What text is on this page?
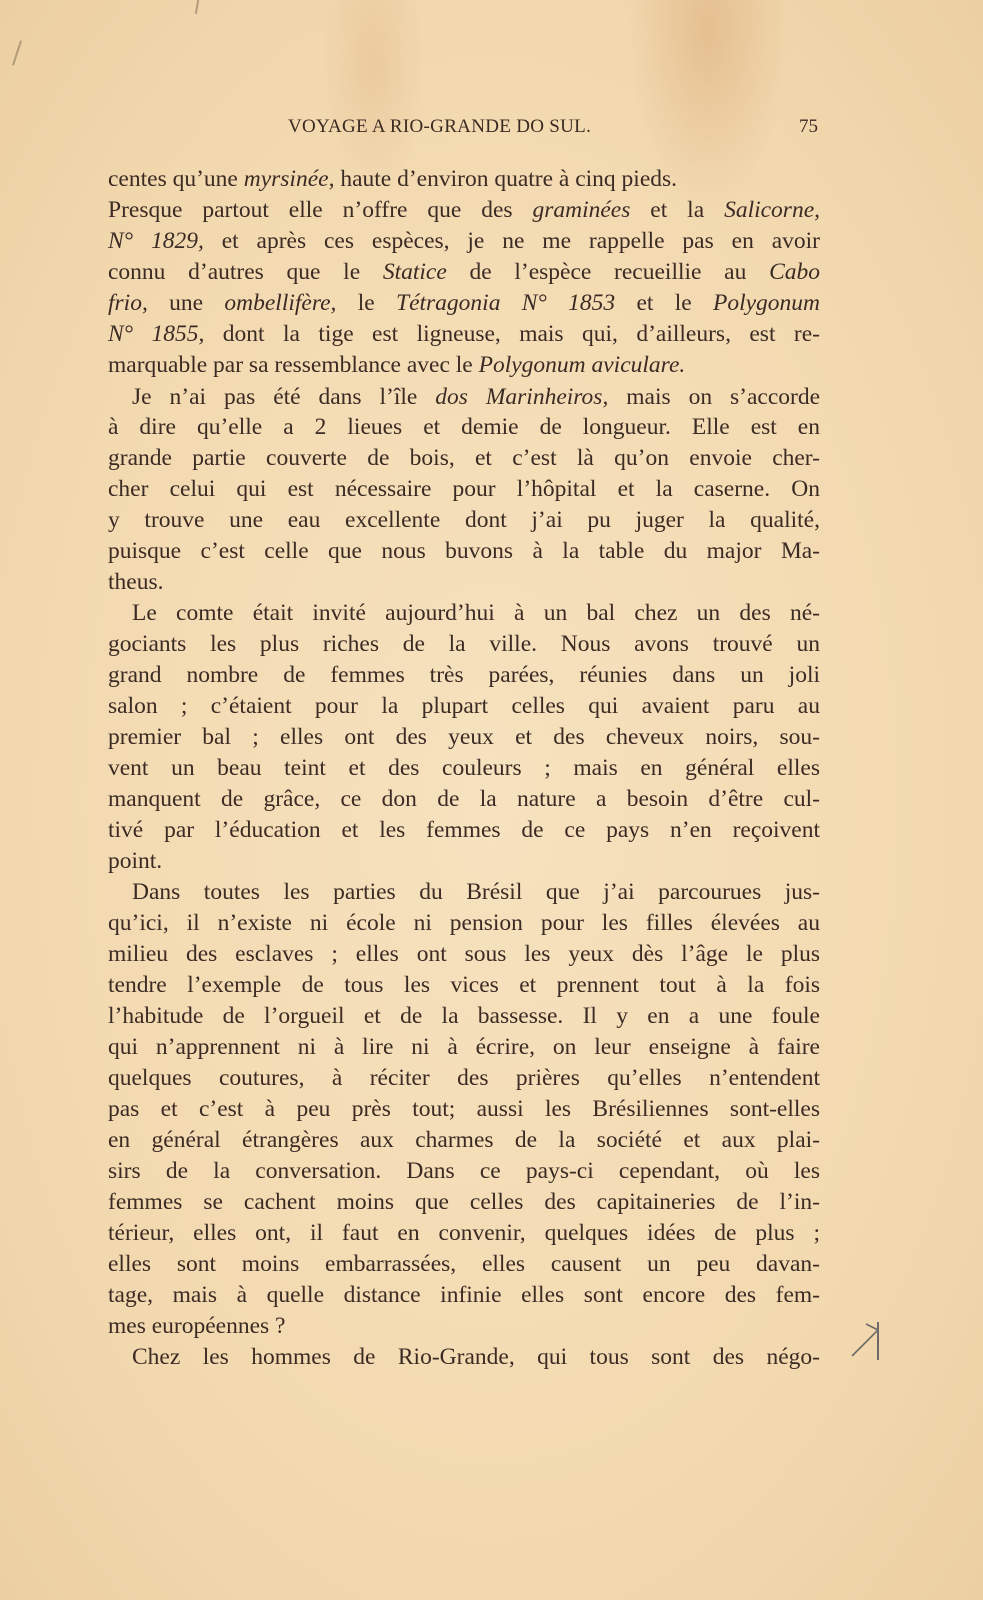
VOYAGE A RIO-GRANDE DO SUL.	75
centes qu’une myrsinée, haute d’environ quatre à cinq pieds.
Presque partout elle n’offre que des graminées et la Salicorne,
N° 1829, et après ces espèces, je ne me rappelle pas en avoir
connu d’autres que le Statice de l’espèce recueillie au Cabo
frio, une ombellifère, le Tétragonia N° 1853 et le Polygonum
N° 1855, dont la tige est ligneuse, mais qui, d’ailleurs, est re-
marquable par sa ressemblance avec le Polygonum aviculare.
Je n’ai pas été dans l’île dos Marinheiros, mais on s’accorde
à dire qu’elle a 2 lieues et demie de longueur. Elle est en
grande partie couverte de bois, et c’est là qu’on envoie cher-
cher celui qui est nécessaire pour l’hôpital et la caserne. On
y trouve une eau excellente dont j’ai pu juger la qualité,
puisque c’est celle que nous buvons à la table du major Ma-
theus.
Le comte était invité aujourd’hui à un bal chez un des né-
gociants les plus riches de la ville. Nous avons trouvé un
grand nombre de femmes très parées, réunies dans un joli
salon ; c’étaient pour la plupart celles qui avaient paru au
premier bal ; elles ont des yeux et des cheveux noirs, sou-
vent un beau teint et des couleurs ; mais en général elles
manquent de grâce, ce don de la nature a besoin d’être cul-
tivé par l’éducation et les femmes de ce pays n’en reçoivent
point.
Dans toutes les parties du Brésil que j’ai parcourues jus-
qu’ici, il n’existe ni école ni pension pour les filles élevées au
milieu des esclaves ; elles ont sous les yeux dès l’âge le plus
tendre l’exemple de tous les vices et prennent tout à la fois
l’habitude de l’orgueil et de la bassesse. Il y en a une foule
qui n’apprennent ni à lire ni à écrire, on leur enseigne à faire
quelques coutures, à réciter des prières qu’elles n’entendent
pas et c’est à peu près tout; aussi les Brésiliennes sont-elles
en général étrangères aux charmes de la société et aux plai-
sirs de la conversation. Dans ce pays-ci cependant, où les
femmes se cachent moins que celles des capitaineries de l’in-
térieur, elles ont, il faut en convenir, quelques idées de plus ;
elles sont moins embarrassées, elles causent un peu davan-
tage, mais à quelle distance infinie elles sont encore des fem-
mes européennes ?
Chez les hommes de Rio-Grande, qui tous sont des négo-
